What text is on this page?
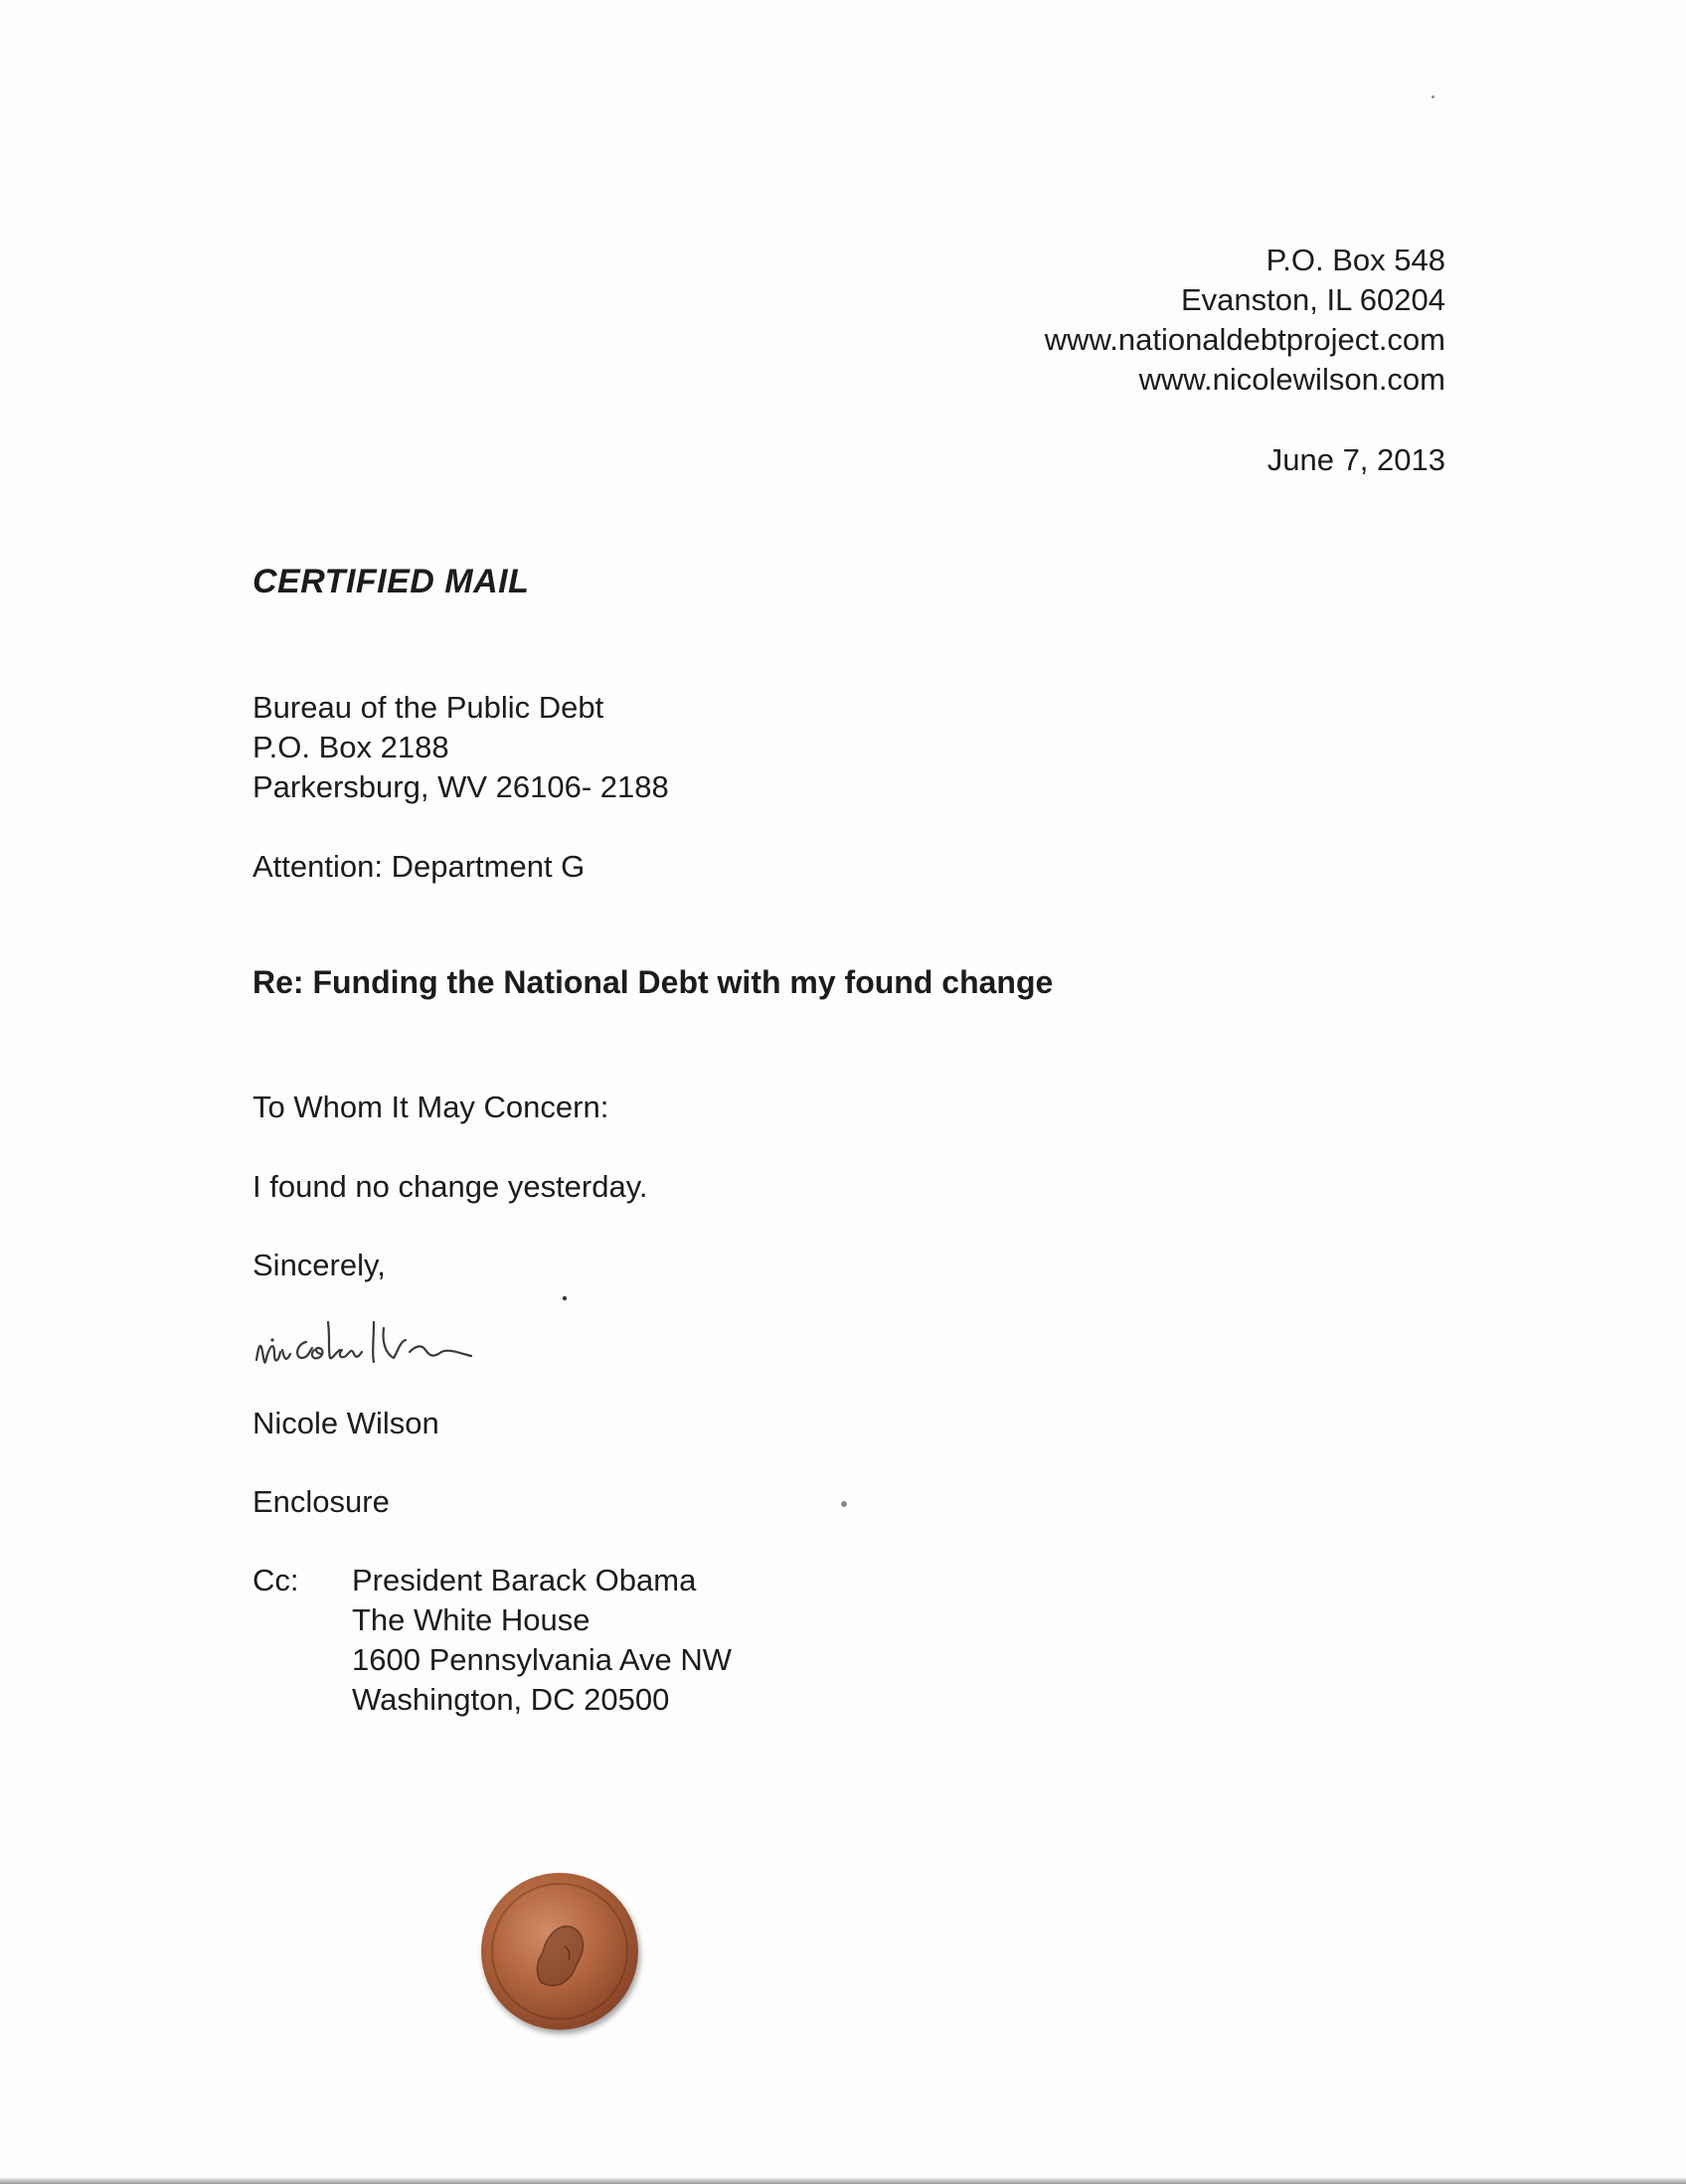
P.O. Box 548
Evanston, IL 60204
www.nationaldebtproject.com
www.nicolewilson.com
June 7, 2013
CERTIFIED MAIL
Bureau of the Public Debt
P.O. Box 2188
Parkersburg, WV 26106- 2188
Attention: Department G
Re: Funding the National Debt with my found change
To Whom It May Concern:
I found no change yesterday.
Sincerely,
Nicole Wilson
Enclosure
Cc: President Barack Obama
The White House
1600 Pennsylvania Ave NW
Washington, DC 20500
